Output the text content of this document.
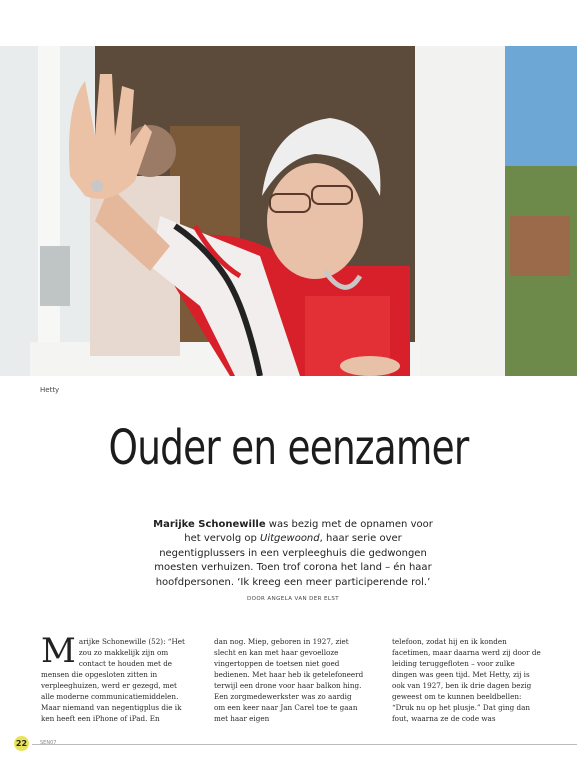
Hetty
Ouder en eenzamer
Marijke Schonewille was bezig met de opnamen voor het vervolg op Uitgewoond, haar serie over negentigplussers in een verpleeghuis die gedwongen moesten verhuizen. Toen trof corona het land – én haar hoofdpersonen. ‘Ik kreeg een meer participerende rol.’
DOOR ANGELA VAN DER ELST
Marijke Schonewille (52): “Het zou zo makkelijk zijn om contact te houden met de mensen die opgesloten zitten in verpleeghuizen, werd er gezegd, met alle moderne communicatiemiddelen. Maar niemand van negentigplus die ik ken heeft een iPhone of iPad. En
dan nog. Miep, geboren in 1927, ziet slecht en kan met haar gevoelloze vingertoppen de toetsen niet goed bedienen. Met haar heb ik getelefoneerd terwijl een drone voor haar balkon hing. Een zorgmedewerkster was zo aardig om een keer naar Jan Carel toe te gaan met haar eigen
telefoon, zodat hij en ik konden facetimen, maar daarna werd zij door de leiding teruggefloten – voor zulke dingen was geen tijd. Met Hetty, zij is ook van 1927, ben ik drie dagen bezig geweest om te kunnen beeldbellen: “Druk nu op het plusje.” Dat ging dan fout, waarna ze de code was
22	SEN07
